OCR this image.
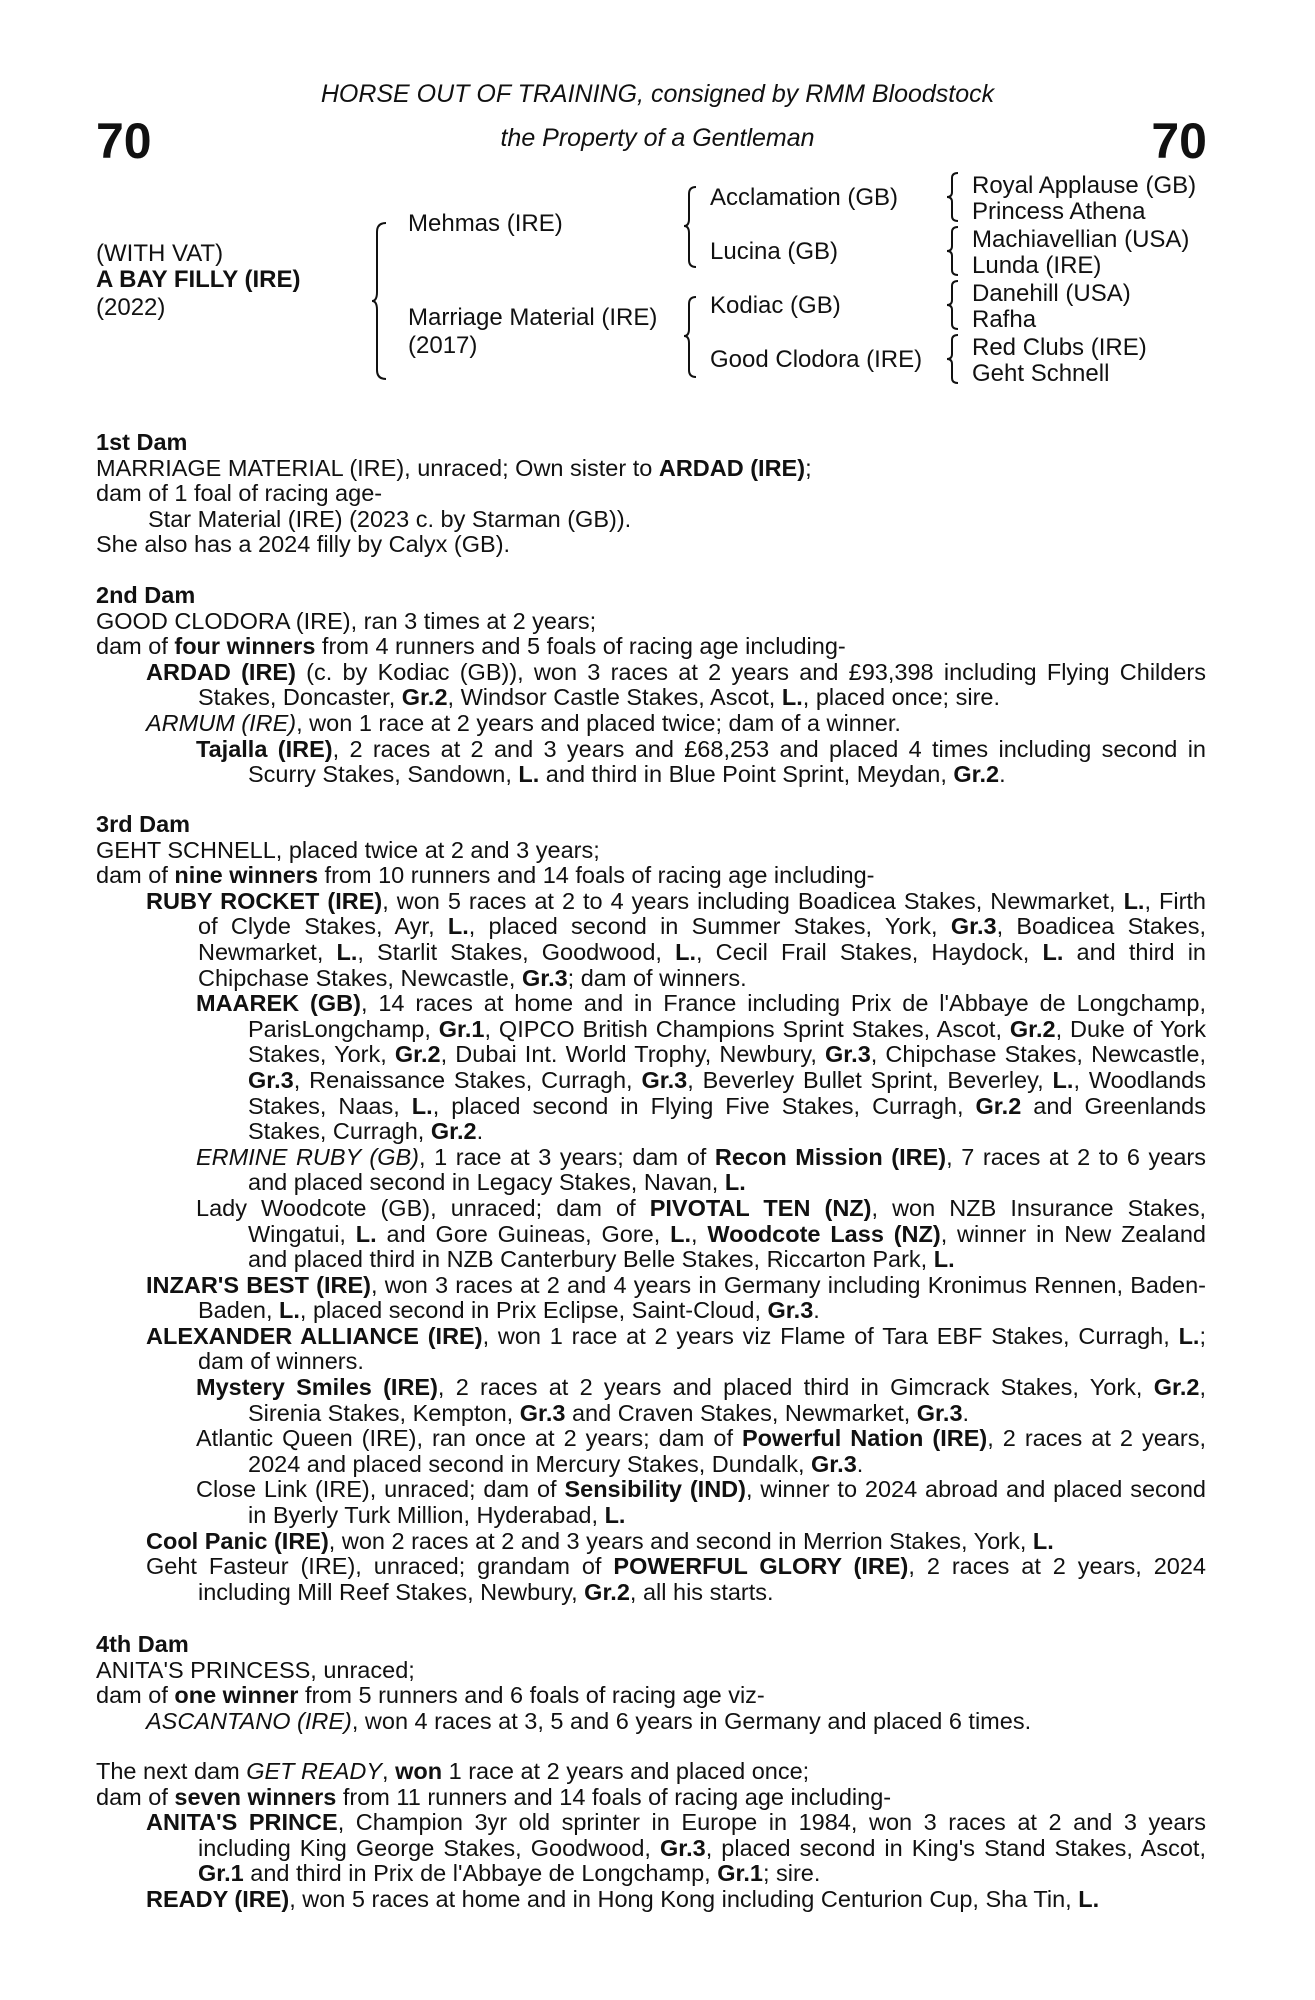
HORSE OUT OF TRAINING, consigned by RMM Bloodstock
the Property of a Gentleman
70	70
(WITH VAT)
A BAY FILLY (IRE)
(2022)
Mehmas (IRE)
Marriage Material (IRE)
(2017)
Acclamation (GB)
Lucina (GB)
Kodiac (GB)
Good Clodora (IRE)
Royal Applause (GB)
Princess Athena
Machiavellian (USA)
Lunda (IRE)
Danehill (USA)
Rafha
Red Clubs (IRE)
Geht Schnell

1st Dam

MARRIAGE MATERIAL (IRE), unraced; Own sister to ARDAD (IRE);

dam of 1 foal of racing age-

Star Material (IRE) (2023 c. by Starman (GB)).

She also has a 2024 filly by Calyx (GB).

2nd Dam

GOOD CLODORA (IRE), ran 3 times at 2 years;

dam of four winners from 4 runners and 5 foals of racing age including-

ARDAD (IRE) (c. by Kodiac (GB)), won 3 races at 2 years and £93,398 including Flying Childers Stakes, Doncaster, Gr.2, Windsor Castle Stakes, Ascot, L., placed once; sire.

ARMUM (IRE), won 1 race at 2 years and placed twice; dam of a winner.

Tajalla (IRE), 2 races at 2 and 3 years and £68,253 and placed 4 times including second in Scurry Stakes, Sandown, L. and third in Blue Point Sprint, Meydan, Gr.2.

3rd Dam

GEHT SCHNELL, placed twice at 2 and 3 years;

dam of nine winners from 10 runners and 14 foals of racing age including-

RUBY ROCKET (IRE), won 5 races at 2 to 4 years including Boadicea Stakes, Newmarket, L., Firth of Clyde Stakes, Ayr, L., placed second in Summer Stakes, York, Gr.3, Boadicea Stakes, Newmarket, L., Starlit Stakes, Goodwood, L., Cecil Frail Stakes, Haydock, L. and third in Chipchase Stakes, Newcastle, Gr.3; dam of winners.

MAAREK (GB), 14 races at home and in France including Prix de l'Abbaye de Longchamp, ParisLongchamp, Gr.1, QIPCO British Champions Sprint Stakes, Ascot, Gr.2, Duke of York Stakes, York, Gr.2, Dubai Int. World Trophy, Newbury, Gr.3, Chipchase Stakes, Newcastle, Gr.3, Renaissance Stakes, Curragh, Gr.3, Beverley Bullet Sprint, Beverley, L., Woodlands Stakes, Naas, L., placed second in Flying Five Stakes, Curragh, Gr.2 and Greenlands Stakes, Curragh, Gr.2.

ERMINE RUBY (GB), 1 race at 3 years; dam of Recon Mission (IRE), 7 races at 2 to 6 years and placed second in Legacy Stakes, Navan, L.

Lady Woodcote (GB), unraced; dam of PIVOTAL TEN (NZ), won NZB Insurance Stakes, Wingatui, L. and Gore Guineas, Gore, L., Woodcote Lass (NZ), winner in New Zealand and placed third in NZB Canterbury Belle Stakes, Riccarton Park, L.

INZAR'S BEST (IRE), won 3 races at 2 and 4 years in Germany including Kronimus Rennen, Baden-Baden, L., placed second in Prix Eclipse, Saint-Cloud, Gr.3.

ALEXANDER ALLIANCE (IRE), won 1 race at 2 years viz Flame of Tara EBF Stakes, Curragh, L.; dam of winners.

Mystery Smiles (IRE), 2 races at 2 years and placed third in Gimcrack Stakes, York, Gr.2, Sirenia Stakes, Kempton, Gr.3 and Craven Stakes, Newmarket, Gr.3.

Atlantic Queen (IRE), ran once at 2 years; dam of Powerful Nation (IRE), 2 races at 2 years, 2024 and placed second in Mercury Stakes, Dundalk, Gr.3.

Close Link (IRE), unraced; dam of Sensibility (IND), winner to 2024 abroad and placed second in Byerly Turk Million, Hyderabad, L.

Cool Panic (IRE), won 2 races at 2 and 3 years and second in Merrion Stakes, York, L.

Geht Fasteur (IRE), unraced; grandam of POWERFUL GLORY (IRE), 2 races at 2 years, 2024 including Mill Reef Stakes, Newbury, Gr.2, all his starts.

4th Dam

ANITA'S PRINCESS, unraced;

dam of one winner from 5 runners and 6 foals of racing age viz-

ASCANTANO (IRE), won 4 races at 3, 5 and 6 years in Germany and placed 6 times.

The next dam GET READY, won 1 race at 2 years and placed once;

dam of seven winners from 11 runners and 14 foals of racing age including-

ANITA'S PRINCE, Champion 3yr old sprinter in Europe in 1984, won 3 races at 2 and 3 years including King George Stakes, Goodwood, Gr.3, placed second in King's Stand Stakes, Ascot, Gr.1 and third in Prix de l'Abbaye de Longchamp, Gr.1; sire.

READY (IRE), won 5 races at home and in Hong Kong including Centurion Cup, Sha Tin, L.
